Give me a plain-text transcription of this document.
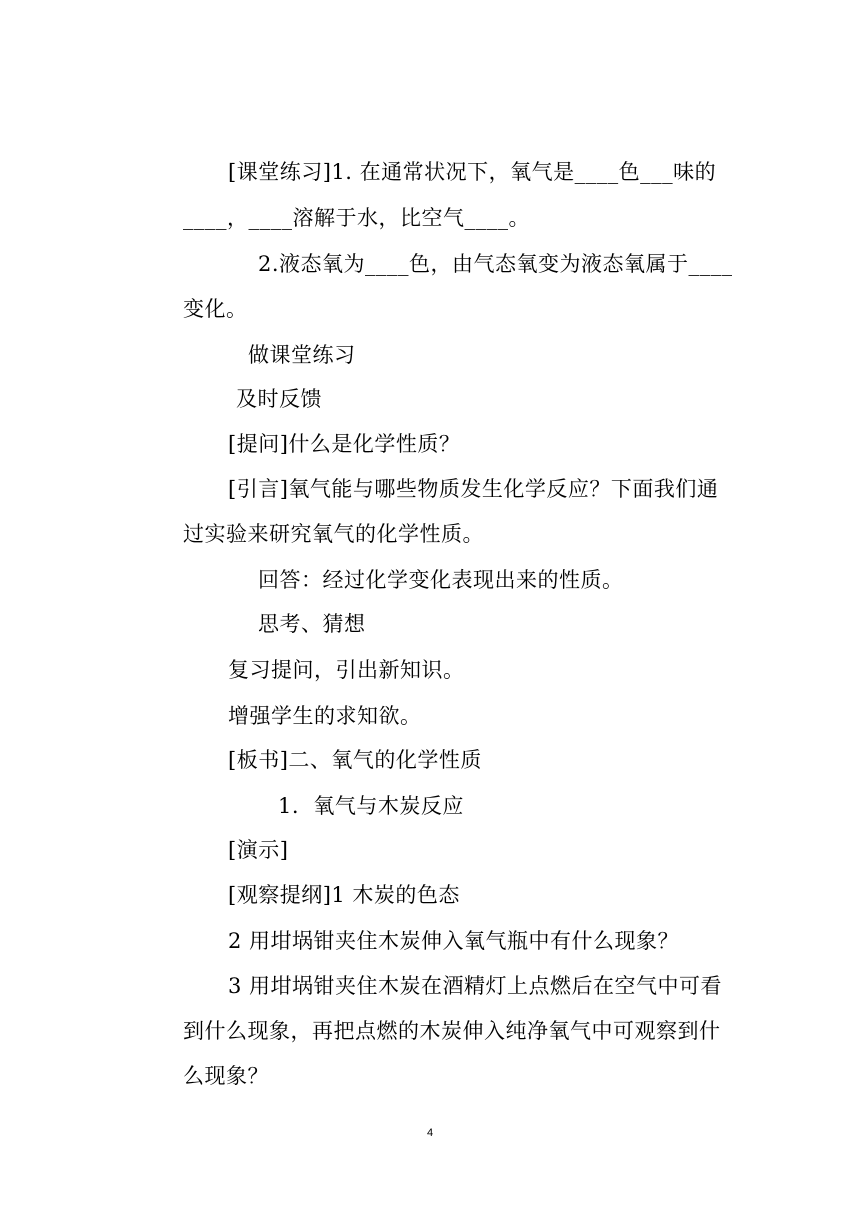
[课堂练习]1. 在通常状况下，氧气是____色___味的
____，____溶解于水，比空气____。
2.液态氧为____色，由气态氧变为液态氧属于____
变化。
做课堂练习
及时反馈
[提问]什么是化学性质？
[引言]氧气能与哪些物质发生化学反应？下面我们通
过实验来研究氧气的化学性质。
回答：经过化学变化表现出来的性质。
思考、猜想
复习提问，引出新知识。
增强学生的求知欲。
[板书]二、氧气的化学性质
1.  氧气与木炭反应
[演示]
[观察提纲]1 木炭的色态
2 用坩埚钳夹住木炭伸入氧气瓶中有什么现象？
3 用坩埚钳夹住木炭在酒精灯上点燃后在空气中可看
到什么现象，再把点燃的木炭伸入纯净氧气中可观察到什
么现象？
4
